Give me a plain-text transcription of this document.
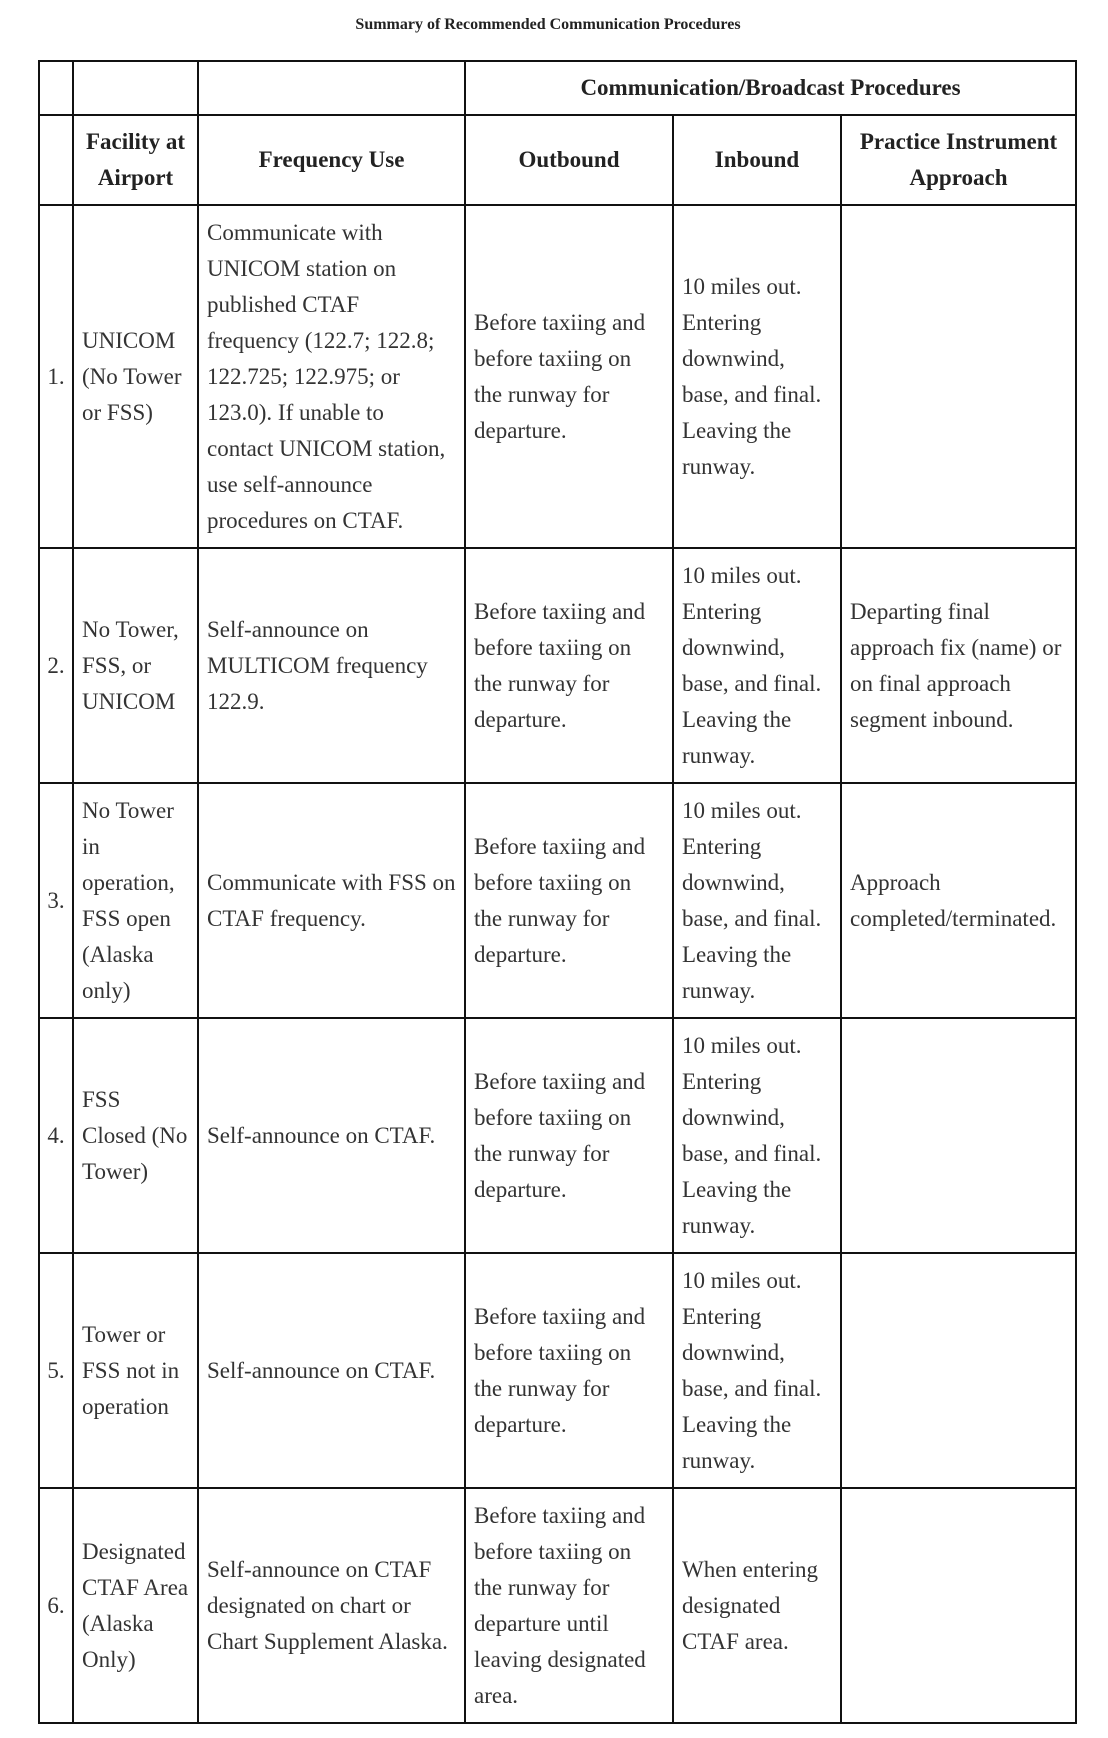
Summary of Recommended Communication Procedures
			Communication/Broadcast Procedures		
	Facility at Airport	Frequency Use	Outbound	Inbound	Practice Instrument Approach
1.	UNICOM (No Tower or FSS)	Communicate with UNICOM station on published CTAF frequency (122.7; 122.8; 122.725; 122.975; or 123.0). If unable to contact UNICOM station, use self‑announce procedures on CTAF.	Before taxiing and before taxiing on the runway for departure.	10 miles out. Entering downwind, base, and final. Leaving the runway.	
2.	No Tower, FSS, or UNICOM	Self‑announce on MULTICOM frequency 122.9.	Before taxiing and before taxiing on the runway for departure.	10 miles out. Entering downwind, base, and final. Leaving the runway.	Departing final approach fix (name) or on final approach segment inbound.
3.	No Tower in operation, FSS open (Alaska only)	Communicate with FSS on CTAF frequency.	Before taxiing and before taxiing on the runway for departure.	10 miles out. Entering downwind, base, and final. Leaving the runway.	Approach completed/terminated.
4.	FSS Closed (No Tower)	Self‑announce on CTAF.	Before taxiing and before taxiing on the runway for departure.	10 miles out. Entering downwind, base, and final. Leaving the runway.	
5.	Tower or FSS not in operation	Self‑announce on CTAF.	Before taxiing and before taxiing on the runway for departure.	10 miles out. Entering downwind, base, and final. Leaving the runway.	
6.	Designated CTAF Area (Alaska Only)	Self‑announce on CTAF designated on chart or Chart Supplement Alaska.	Before taxiing and before taxiing on the runway for departure until leaving designated area.	When entering designated CTAF area.	
